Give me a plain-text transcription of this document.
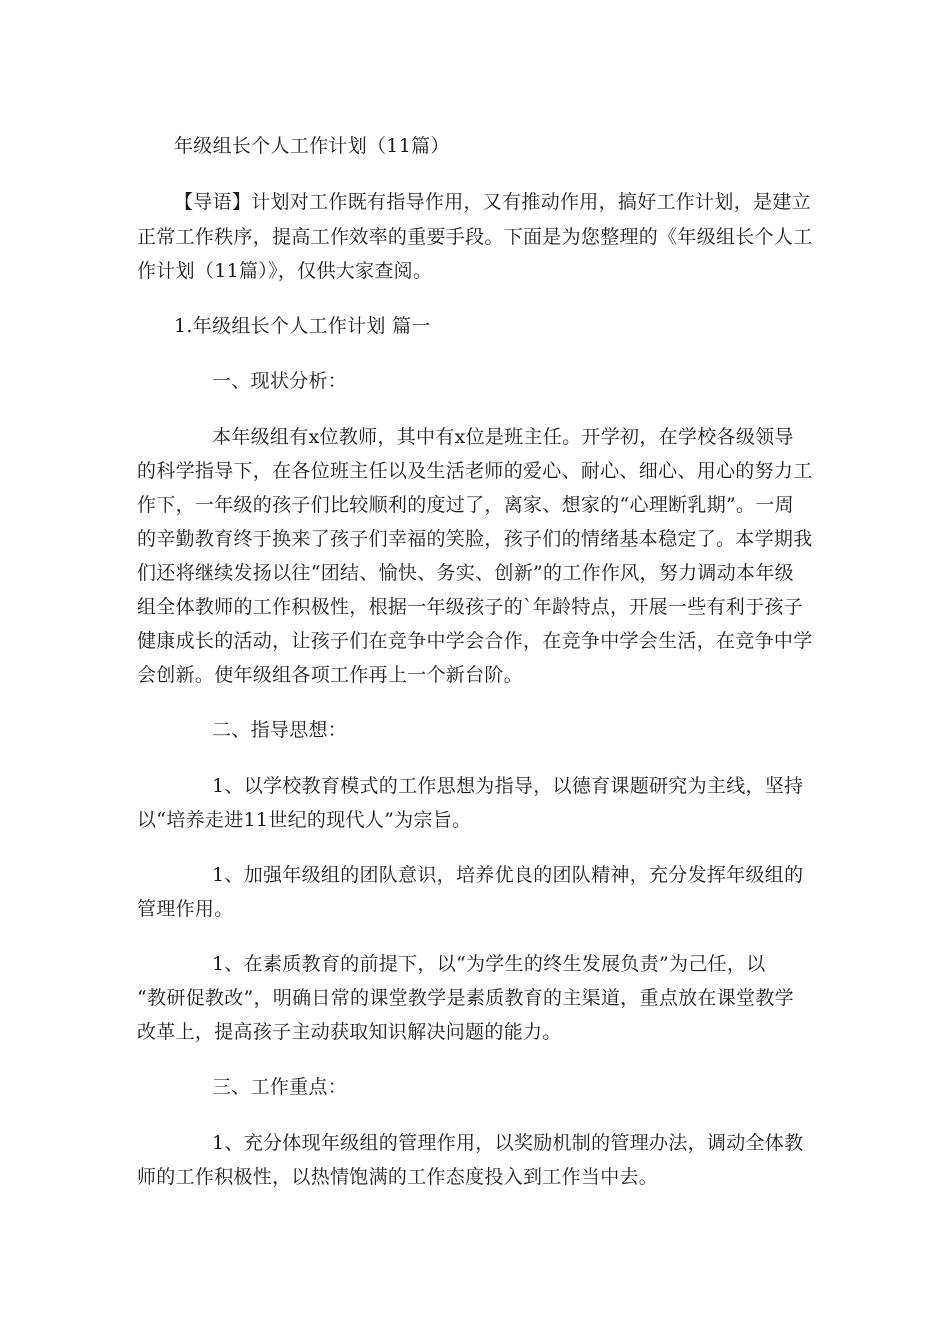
年级组长个人工作计划（11篇）
【导语】计划对工作既有指导作用，又有推动作用，搞好工作计划，是建立
正常工作秩序，提高工作效率的重要手段。下面是为您整理的《年级组长个人工
作计划（11篇）》，仅供大家查阅。
1.年级组长个人工作计划 篇一
一、现状分析：
本年级组有x位教师，其中有x位是班主任。开学初，在学校各级领导
的科学指导下，在各位班主任以及生活老师的爱心、耐心、细心、用心的努力工
作下，一年级的孩子们比较顺利的度过了，离家、想家的“心理断乳期”。一周
的辛勤教育终于换来了孩子们幸福的笑脸，孩子们的情绪基本稳定了。本学期我
们还将继续发扬以往“团结、愉快、务实、创新”的工作作风，努力调动本年级
组全体教师的工作积极性，根据一年级孩子的`年龄特点，开展一些有利于孩子
健康成长的活动，让孩子们在竞争中学会合作，在竞争中学会生活，在竞争中学
会创新。使年级组各项工作再上一个新台阶。
二、指导思想：
1、以学校教育模式的工作思想为指导，以德育课题研究为主线，坚持
以“培养走进11世纪的现代人”为宗旨。
1、加强年级组的团队意识，培养优良的团队精神，充分发挥年级组的
管理作用。
1、在素质教育的前提下，以“为学生的终生发展负责”为己任，以
“教研促教改”，明确日常的课堂教学是素质教育的主渠道，重点放在课堂教学
改革上，提高孩子主动获取知识解决问题的能力。
三、工作重点：
1、充分体现年级组的管理作用，以奖励机制的管理办法，调动全体教
师的工作积极性，以热情饱满的工作态度投入到工作当中去。
